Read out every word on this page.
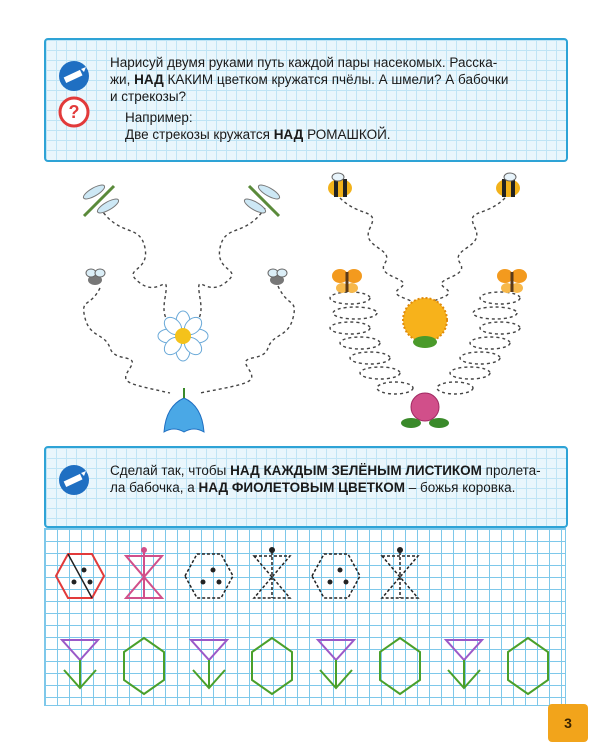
?
Нарисуй двумя руками путь каждой пары насекомых. Расска-
жи, НАД КАКИМ цветком кружатся пчёлы. А шмели? А бабочки
и стрекозы?
Например:
Две стрекозы кружатся НАД РОМАШКОЙ.
Сделай так, чтобы НАД КАЖДЫМ ЗЕЛЁНЫМ ЛИСТИКОМ пролета-
ла бабочка, а НАД ФИОЛЕТОВЫМ ЦВЕТКОМ – божья коровка.
3
